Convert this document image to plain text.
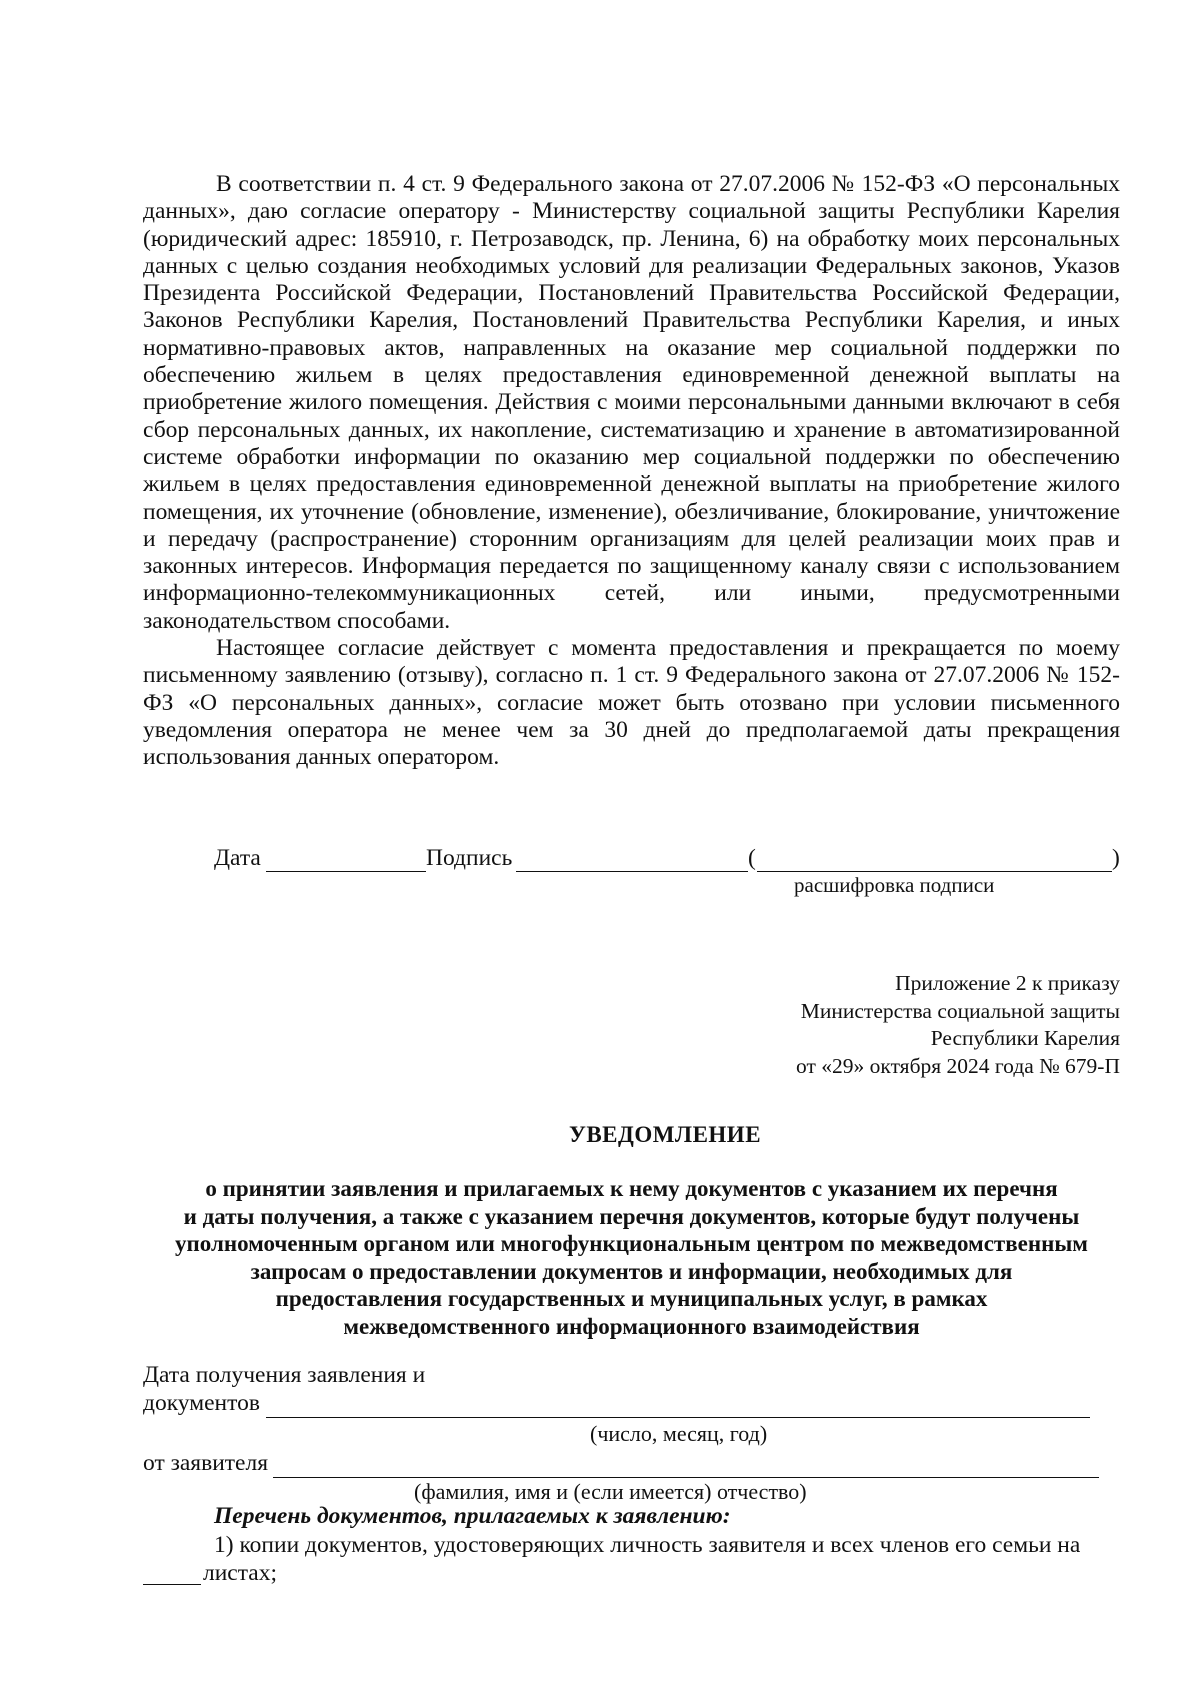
В соответствии п. 4 ст. 9 Федерального закона от 27.07.2006 № 152-ФЗ «О персональных данных», даю согласие оператору - Министерству социальной защиты Республики Карелия (юридический адрес: 185910, г. Петрозаводск, пр. Ленина, 6) на обработку моих персональных данных с целью создания необходимых условий для реализации Федеральных законов, Указов Президента Российской Федерации, Постановлений Правительства Российской Федерации, Законов Республики Карелия, Постановлений Правительства Республики Карелия, и иных нормативно-правовых актов, направленных на оказание мер социальной поддержки по обеспечению жильем в целях предоставления единовременной денежной выплаты на приобретение жилого помещения. Действия с моими персональными данными включают в себя сбор персональных данных, их накопление, систематизацию и хранение в автоматизированной системе обработки информации по оказанию мер социальной поддержки по обеспечению жильем в целях предоставления единовременной денежной выплаты на приобретение жилого помещения, их уточнение (обновление, изменение), обезличивание, блокирование, уничтожение и передачу (распространение) сторонним организациям для целей реализации моих прав и законных интересов. Информация передается по защищенному каналу связи с использованием информационно-телекоммуникационных сетей, или иными, предусмотренными законодательством способами.

Настоящее согласие действует с момента предоставления и прекращается по моему письменному заявлению (отзыву), согласно п. 1 ст. 9 Федерального закона от 27.07.2006 № 152-ФЗ «О персональных данных», согласие может быть отозвано при условии письменного уведомления оператора не менее чем за 30 дней до предполагаемой даты прекращения использования данных оператором.

Дата	Подпись	(	)
расшифровка подписи
Приложение 2 к приказу
Министерства социальной защиты
Республики Карелия
от «29» октября 2024 года № 679-П
УВЕДОМЛЕНИЕ

о принятии заявления и прилагаемых к нему документов с указанием их перечня

и даты получения, а также с указанием перечня документов, которые будут получены

уполномоченным органом или многофункциональным центром по межведомственным

запросам о предоставлении документов и информации, необходимых для

предоставления государственных и муниципальных услуг, в рамках

межведомственного информационного взаимодействия

Дата получения заявления и
документов
(число, месяц, год)
от заявителя
(фамилия, имя и (если имеется) отчество)
Перечень документов, прилагаемых к заявлению:
1) копии документов, удостоверяющих личность заявителя и всех членов его семьи на
листах;
